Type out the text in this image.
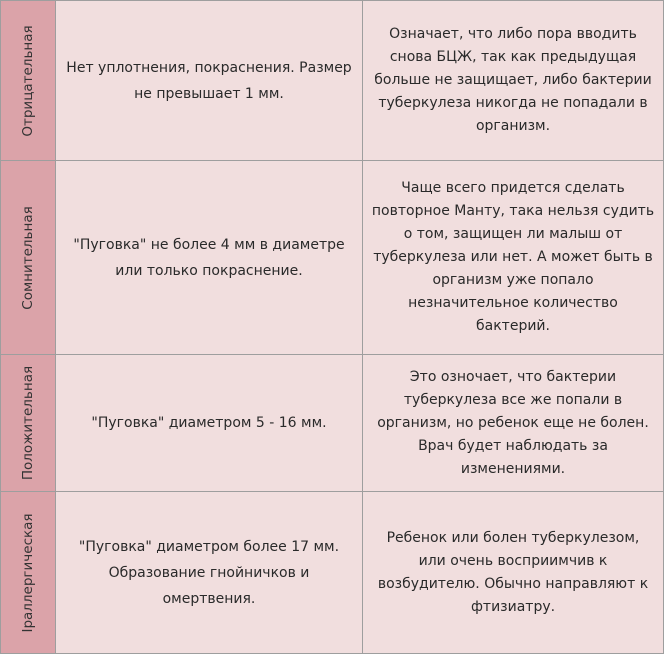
Отрицательная	Нет уплотнения, покраснения. Размер не превышает 1 мм.	Означает, что либо пора вводить снова БЦЖ, так как предыдущая больше не защищает, либо бактерии туберкулеза никогда не попадали в организм.

Сомнительная	"Пуговка" не более 4 мм в диаметре или только покраснение.	Чаще всего придется сделать повторное Манту, така нельзя судить о том, защищен ли малыш от туберкулеза или нет. А может быть в организм уже попало незначительное количество бактерий.

Положительная	"Пуговка" диаметром 5 - 16 мм.	Это озночает, что бактерии туберкулеза все же попали в организм, но ребенок еще не болен. Врач будет наблюдать за изменениями.

Іраллергическая	"Пуговка" диаметром более 17 мм. Образование гнойничков и омертвения.	Ребенок или болен туберкулезом, или очень восприимчив к возбудителю. Обычно направляют к фтизиатру.
